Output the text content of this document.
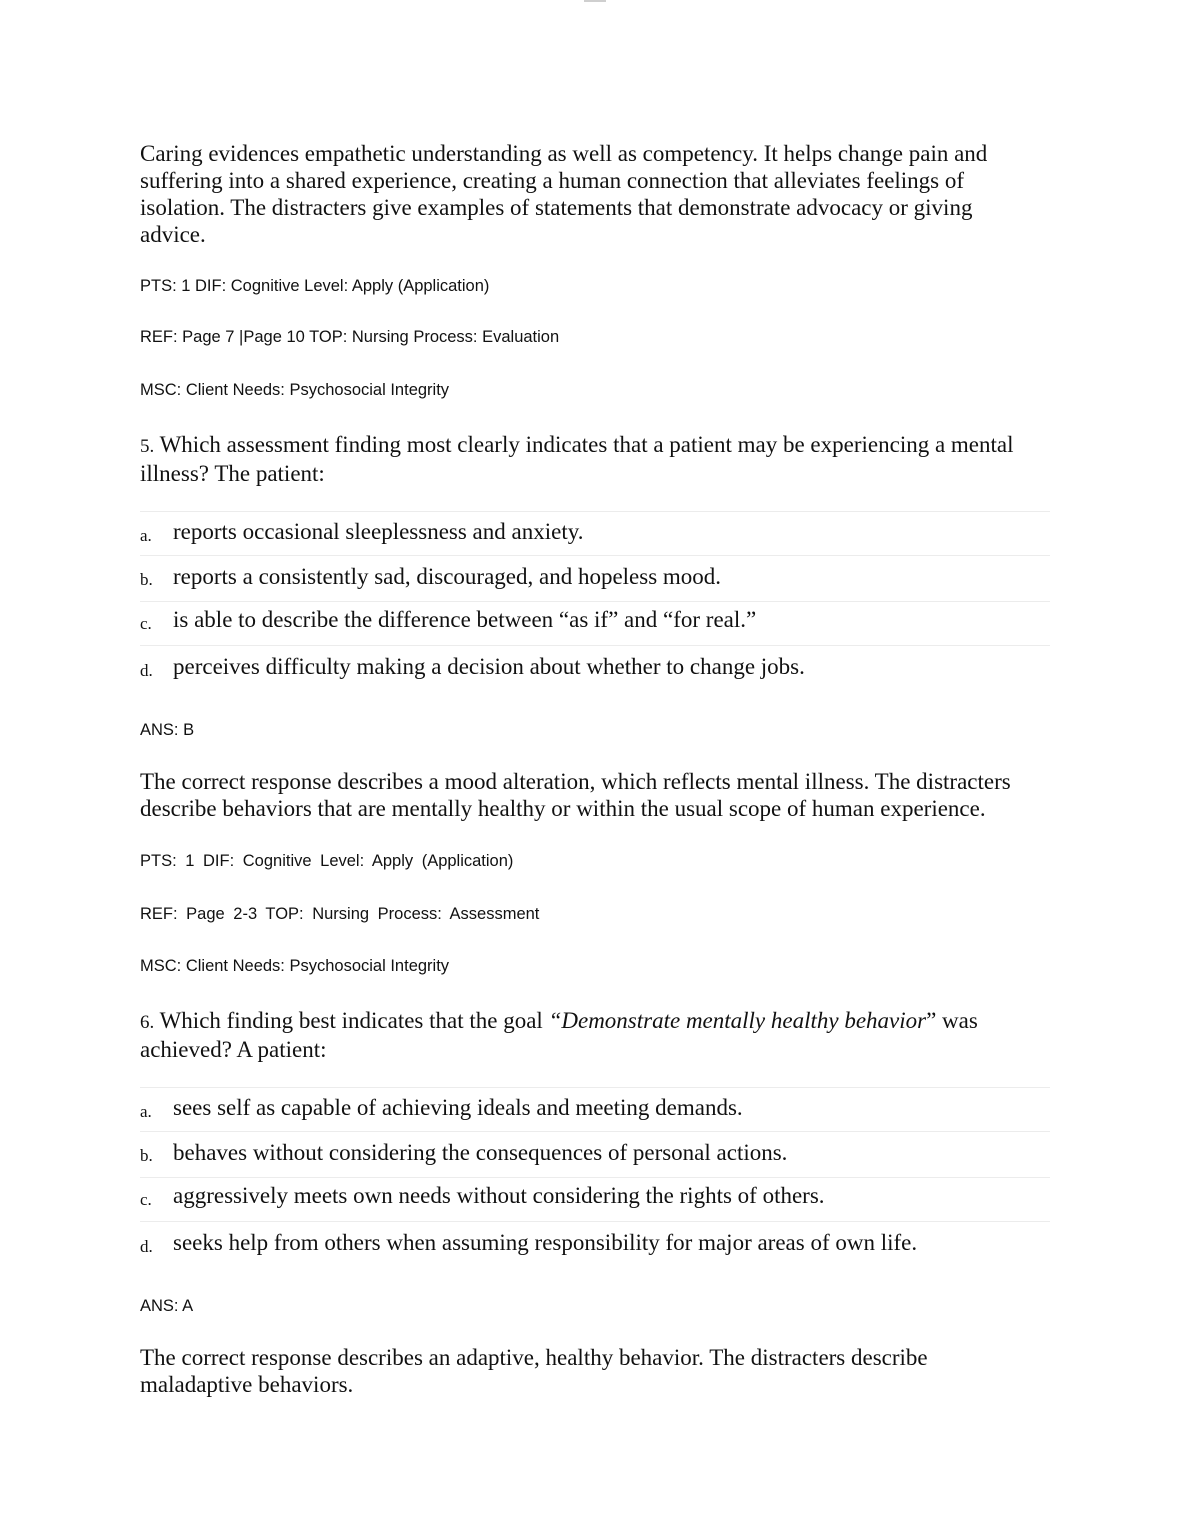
Caring evidences empathetic understanding as well as competency. It helps change pain and suffering into a shared experience, creating a human connection that alleviates feelings of isolation. The distracters give examples of statements that demonstrate advocacy or giving advice.
PTS: 1 DIF: Cognitive Level: Apply (Application)
REF: Page 7 |Page 10 TOP: Nursing Process: Evaluation
MSC: Client Needs: Psychosocial Integrity
5. Which assessment finding most clearly indicates that a patient may be experiencing a mental illness? The patient:
a. reports occasional sleeplessness and anxiety.
b. reports a consistently sad, discouraged, and hopeless mood.
c. is able to describe the difference between “as if” and “for real.”
d. perceives difficulty making a decision about whether to change jobs.
ANS: B
The correct response describes a mood alteration, which reflects mental illness. The distracters describe behaviors that are mentally healthy or within the usual scope of human experience.
PTS: 1 DIF: Cognitive Level: Apply (Application)
REF: Page 2-3 TOP: Nursing Process: Assessment
MSC: Client Needs: Psychosocial Integrity
6. Which finding best indicates that the goal “Demonstrate mentally healthy behavior” was achieved? A patient:
a. sees self as capable of achieving ideals and meeting demands.
b. behaves without considering the consequences of personal actions.
c. aggressively meets own needs without considering the rights of others.
d. seeks help from others when assuming responsibility for major areas of own life.
ANS: A
The correct response describes an adaptive, healthy behavior. The distracters describe maladaptive behaviors.
